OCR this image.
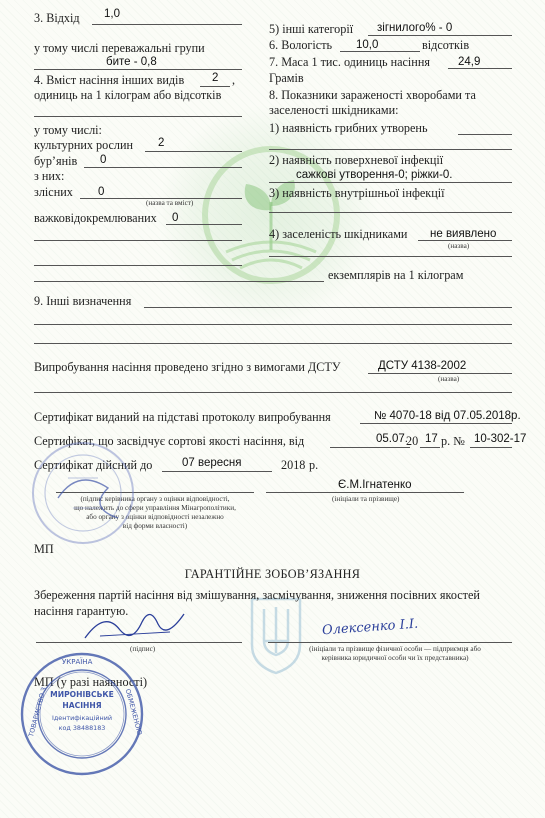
3. Відхід 1,0
у тому числі переважальні групи
бите - 0,8
4. Вміст насіння інших видів 2 ,
одиниць на 1 кілограм або відсотків
у тому числі:
культурних рослин 2
бур’янів 0
з них:
злісних 0
(назва та вміст)
важковідокремлюваних 0
5) інші категорії зігнилого% - 0
6. Вологість 10,0	відсотків
7. Маса 1 тис. одиниць насіння 24,9
Грамів
8. Показники зараженості хворобами та
заселеності шкідниками:
1) наявність грибних утворень
2) наявність поверхневої інфекції
сажкові утворення-0; ріжки-0.
3) наявність внутрішньої інфекції
4) заселеність шкідниками не виявлено
(назва)
екземплярів на 1 кілограм
9. Інші визначення
Випробування насіння проведено згідно з вимогами ДСТУ	ДСТУ 4138-2002
(назва)
Сертифікат виданий на підставі протоколу випробування	№ 4070-18 від 07.05.2018р.
Сертифікат, що засвідчує сортові якості насіння, від	05.07.
20 17 р. № 10-302-17
Сертифікат дійсний до	07 вересня	2018 р.
Є.М.Ігнатенко
(ініціали та прізвище)
(підпис керівника органу з оцінки відповідності,
що належить до сфери управління Мінагрополітики,
або органу з оцінки відповідності незалежно
від форми власності)
МП
ГАРАНТІЙНЕ ЗОБОВ’ЯЗАННЯ
Збереження партій насіння від змішування, засмічування, зниження посівних якостей
насіння гарантую.
(підпис)
Олексенко І.І.
(ініціали та прізвище фізичної особи — підприємця або
керівника юридичної особи чи їх представника)
МП (у разі наявності)
УКРАЇНА
ТОВАРИСТВО З	ОБМЕЖЕНОЮ
МИРОНІВСЬКЕ
НАСІННЯ
Ідентифікаційний
код 38488183
